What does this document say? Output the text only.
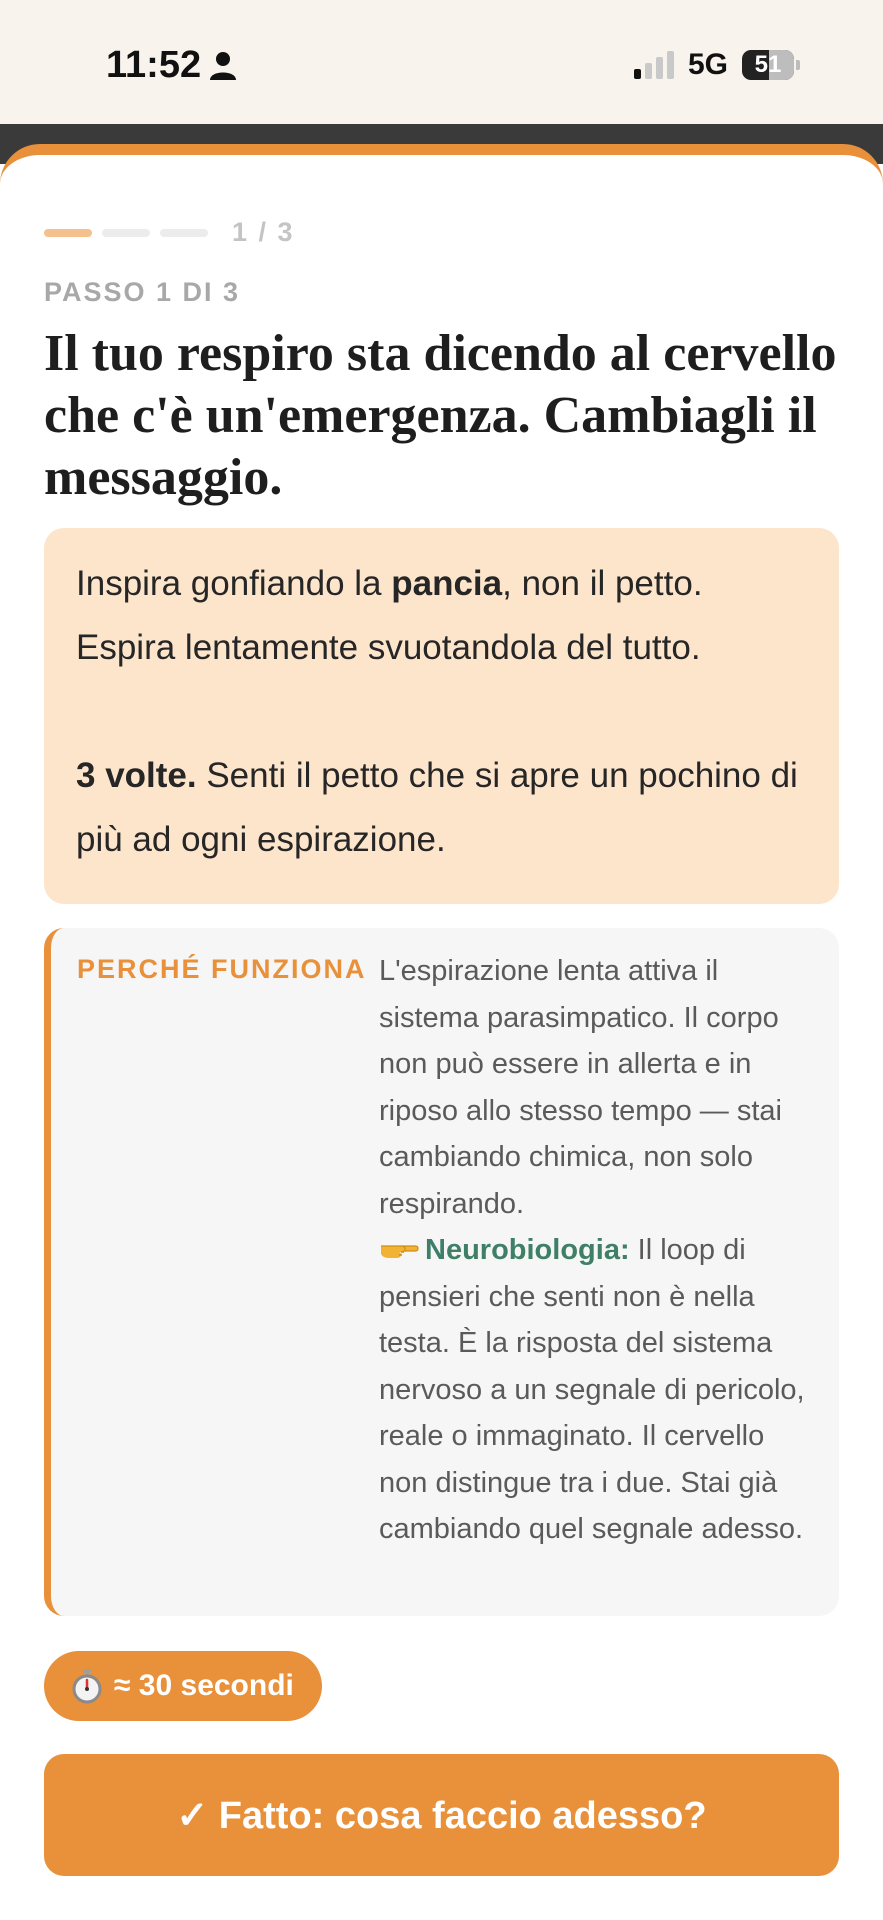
11:52	5G 51
1 / 3
PASSO 1 DI 3
Il tuo respiro sta dicendo al cervello che c'è un'emergenza. Cambiagli il messaggio.

Inspira gonfiando la pancia, non il petto.

Espira lentamente svuotandola del tutto.

3 volte. Senti il petto che si apre un pochino di più ad ogni espirazione.

PERCHÉ FUNZIONA L'espirazione lenta attiva il sistema parasimpatico. Il corpo non può essere in allerta e in riposo allo stesso tempo — stai cambiando chimica, non solo respirando.

Neurobiologia: Il loop di pensieri che senti non è nella testa. È la risposta del sistema nervoso a un segnale di pericolo, reale o immaginato. Il cervello non distingue tra i due. Stai già cambiando quel segnale adesso.

≈ 30 secondi
✓ Fatto: cosa faccio adesso?
